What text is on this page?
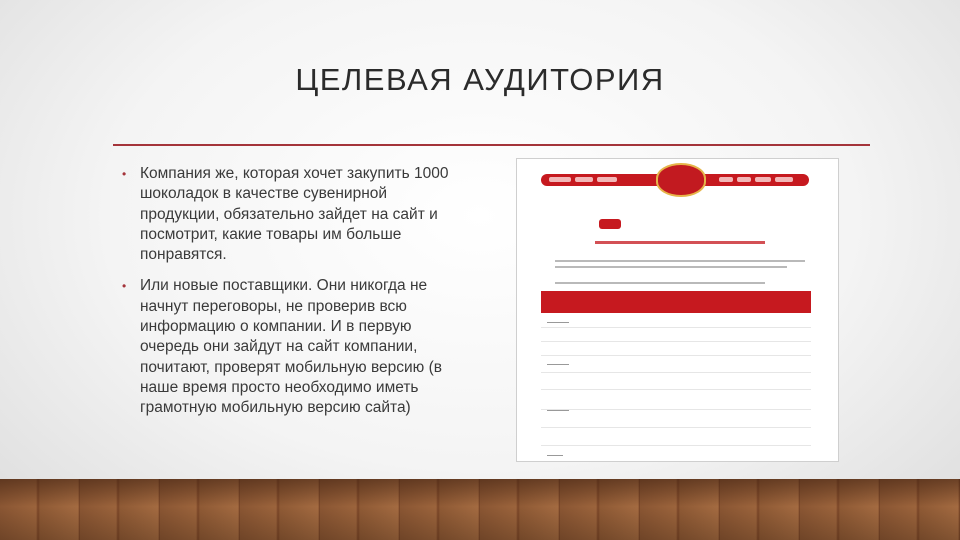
ЦЕЛЕВАЯ АУДИТОРИЯ
• Компания же, которая хочет закупить 1000 шоколадок в качестве сувенирной продукции, обязательно зайдет на сайт и посмотрит, какие товары им больше понравятся.
• Или новые поставщики. Они никогда не начнут переговоры, не проверив всю информацию о компании. И в первую очередь они зайдут на сайт компании, почитают, проверят мобильную версию (в наше время просто необходимо иметь грамотную мобильную версию сайта)
